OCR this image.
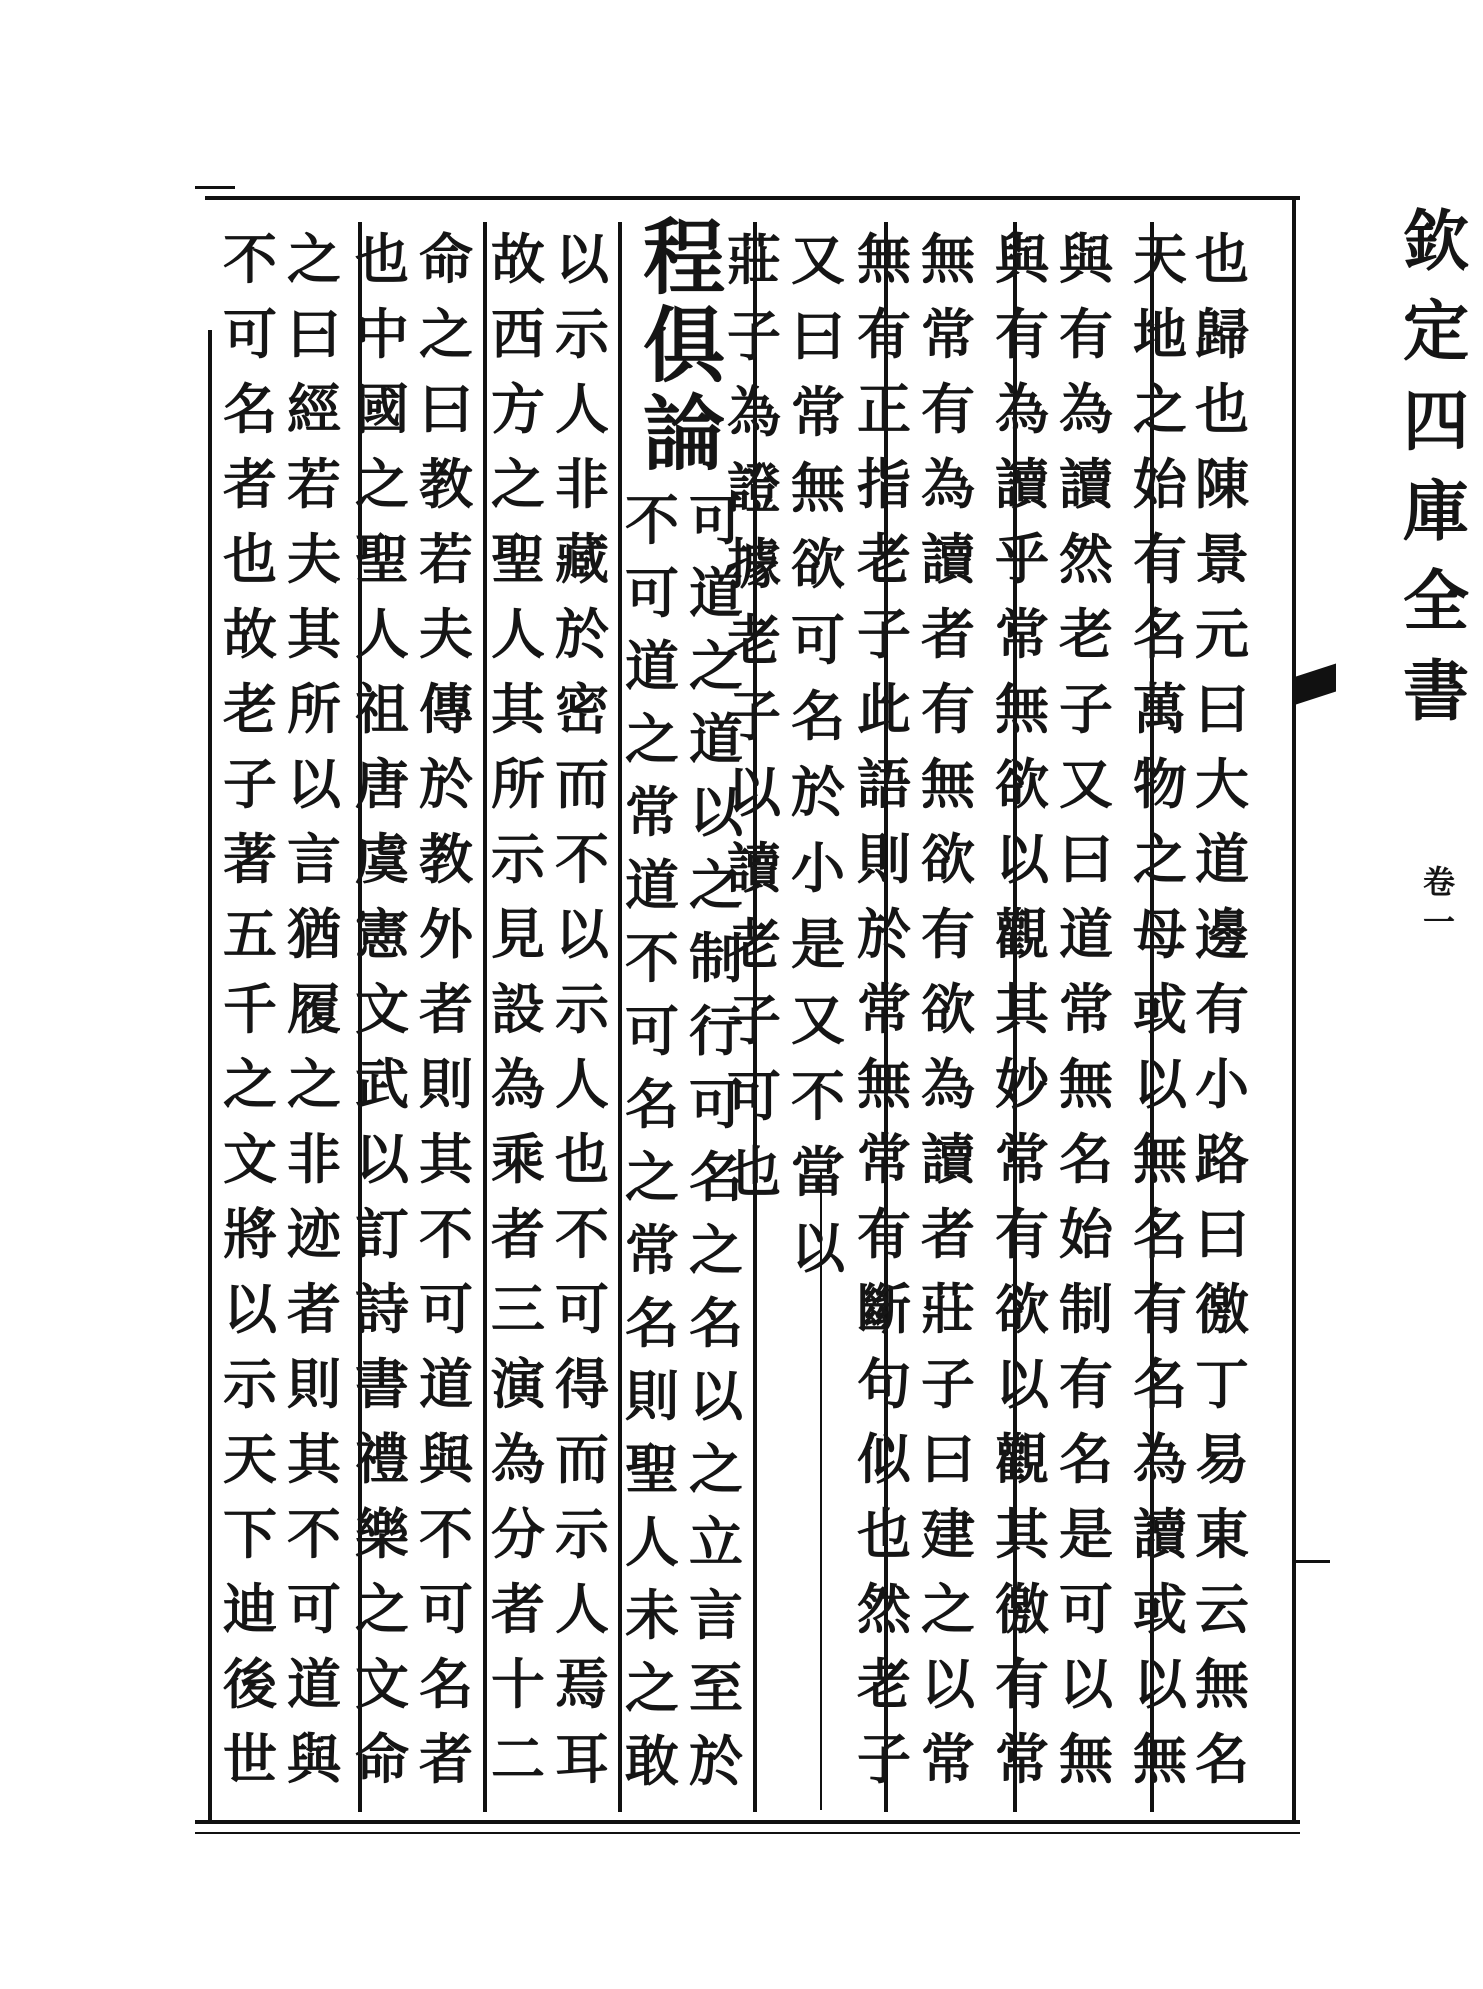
欽
定
四
庫
全
書
卷
一
也
歸
也
陳
景
元
曰
大
道
邊
有
小
路
曰
徼
丁
易
東
云
無
名
天
地
之
始
有
名
萬
物
之
母
或
以
無
名
有
名
為
讀
或
以
無
與
有
為
讀
然
老
子
又
曰
道
常
無
名
始
制
有
名
是
可
以
無
與
有
為
讀
乎
常
無
欲
以
觀
其
妙
常
有
欲
以
觀
其
徼
有
常
無
常
有
為
讀
者
有
無
欲
有
欲
為
讀
者
莊
子
曰
建
之
以
常
無
有
正
指
老
子
此
語
則
於
常
無
常
有
斷
句
似
也
然
老
子
又
曰
常
無
欲
可
名
於
小
是
又
不
當
以
莊
子
為
證
據
老
子
以
讀
老
子
可
也
程
俱
論
可
道
之
道
以
之
制
行
可
名
之
名
以
之
立
言
至
於
不
可
道
之
常
道
不
可
名
之
常
名
則
聖
人
未
之
敢
以
示
人
非
藏
於
密
而
不
以
示
人
也
不
可
得
而
示
人
焉
耳
故
西
方
之
聖
人
其
所
示
見
設
為
乘
者
三
演
為
分
者
十
二
命
之
曰
教
若
夫
傳
於
教
外
者
則
其
不
可
道
與
不
可
名
者
也
中
國
之
聖
人
祖
唐
虞
憲
文
武
以
訂
詩
書
禮
樂
之
文
命
之
曰
經
若
夫
其
所
以
言
猶
履
之
非
迹
者
則
其
不
可
道
與
不
可
名
者
也
故
老
子
著
五
千
之
文
將
以
示
天
下
迪
後
世
